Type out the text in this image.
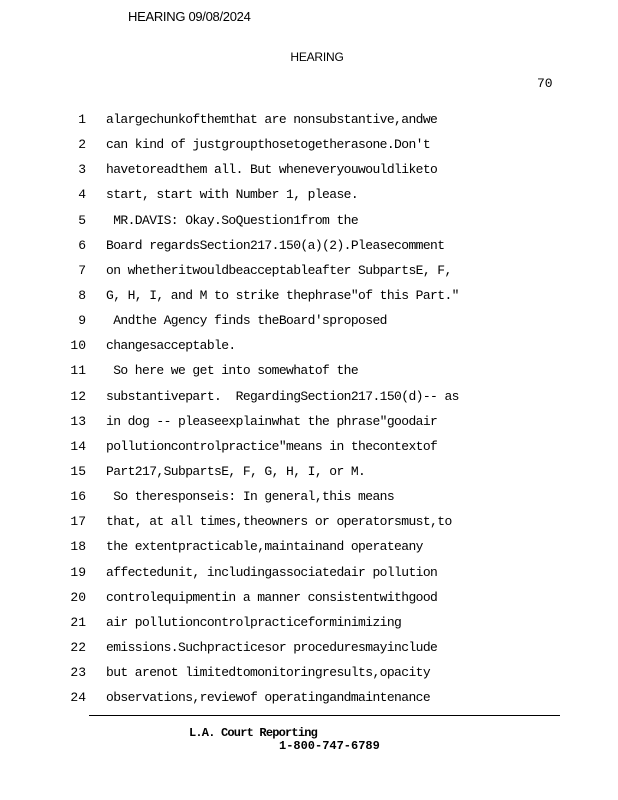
HEARING 09/08/2024
HEARING
70
1 alargechunkofthemthat are nonsubstantive,andwe
2 can kind of justgroupthosetogetherasone.Don't
3 havetoreadthem all. But wheneveryouwouldliketo
4 start, start with Number 1, please.
5 MR.DAVIS: Okay.SoQuestion1from the
6 Board regardsSection217.150(a)(2).Pleasecomment
7 on whetheritwouldbeacceptableafter SubpartsE, F,
8 G, H, I, and M to strike thephrase"of this Part."
9 Andthe Agency finds theBoard'sproposed
10 changesacceptable.
11 So here we get into somewhatof the
12 substantivepart.  RegardingSection217.150(d)-- as
13 in dog -- pleaseexplainwhat the phrase"goodair
14 pollutioncontrolpractice"means in thecontextof
15 Part217,SubpartsE, F, G, H, I, or M.
16 So theresponseis: In general,this means
17 that, at all times,theowners or operatorsmust,to
18 the extentpracticable,maintainand operateany
19 affectedunit, includingassociatedair pollution
20 controlequipmentin a manner consistentwithgood
21 air pollutioncontrolpracticeforminimizing
22 emissions.Suchpracticesor proceduresmayinclude
23 but arenot limitedtomonitoringresults,opacity
24 observations,reviewof operatingandmaintenance
L.A. Court Reporting
1-800-747-6789
